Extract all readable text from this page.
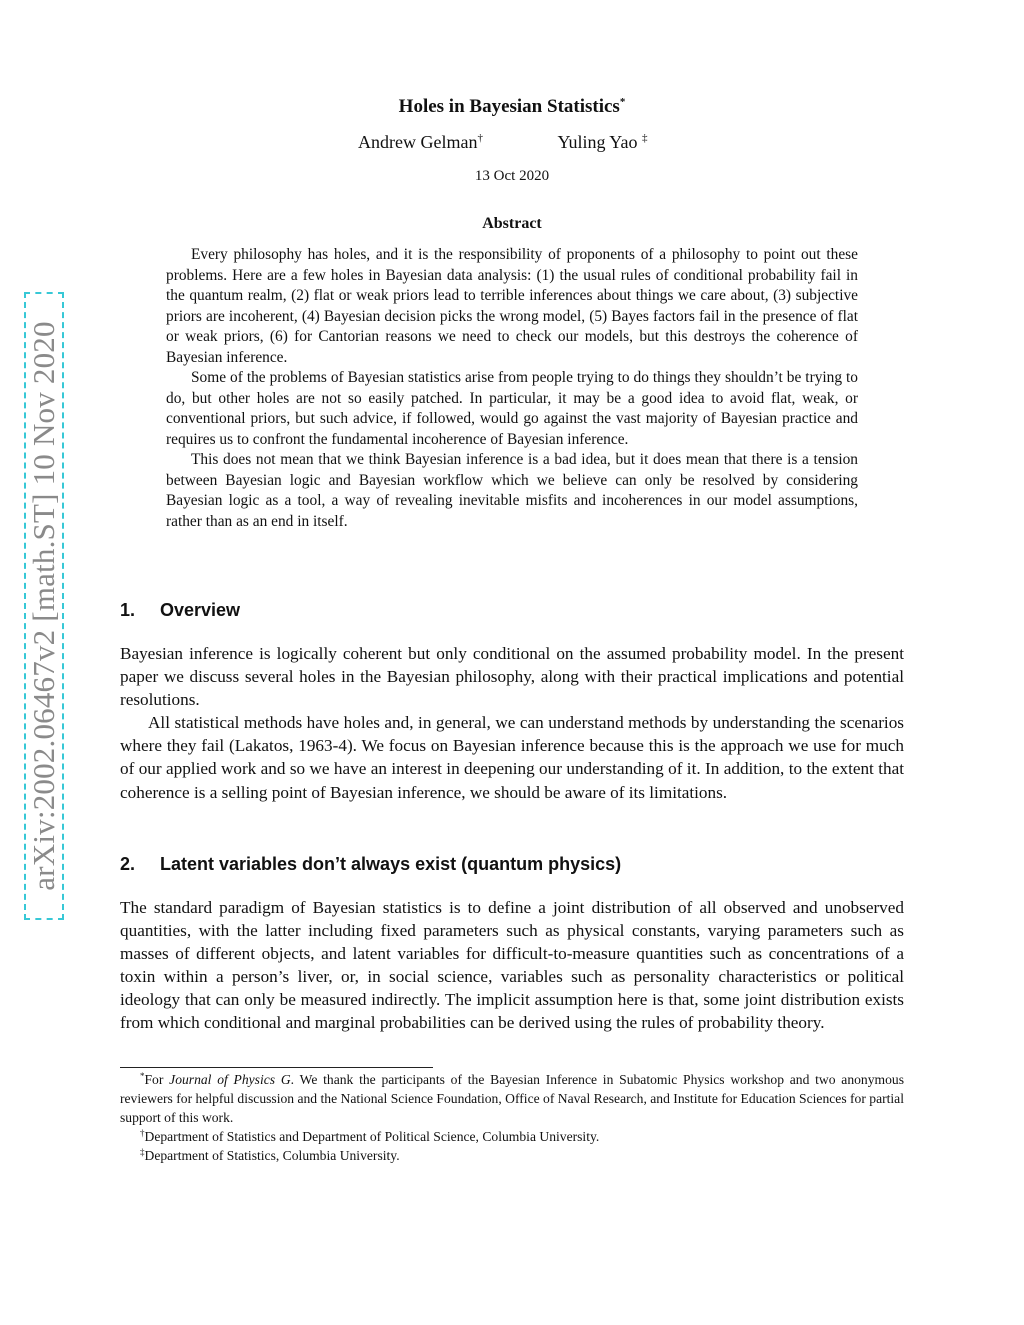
arXiv:2002.06467v2 [math.ST] 10 Nov 2020
Holes in Bayesian Statistics*
Andrew Gelman†	Yuling Yao ‡
13 Oct 2020
Abstract

Every philosophy has holes, and it is the responsibility of proponents of a philosophy to point out these problems. Here are a few holes in Bayesian data analysis: (1) the usual rules of conditional probability fail in the quantum realm, (2) flat or weak priors lead to terrible inferences about things we care about, (3) subjective priors are incoherent, (4) Bayesian decision picks the wrong model, (5) Bayes factors fail in the presence of flat or weak priors, (6) for Cantorian reasons we need to check our models, but this destroys the coherence of Bayesian inference.

Some of the problems of Bayesian statistics arise from people trying to do things they shouldn’t be trying to do, but other holes are not so easily patched. In particular, it may be a good idea to avoid flat, weak, or conventional priors, but such advice, if followed, would go against the vast majority of Bayesian practice and requires us to confront the fundamental incoherence of Bayesian inference.

This does not mean that we think Bayesian inference is a bad idea, but it does mean that there is a tension between Bayesian logic and Bayesian workflow which we believe can only be resolved by considering Bayesian logic as a tool, a way of revealing inevitable misfits and incoherences in our model assumptions, rather than as an end in itself.

1. Overview

Bayesian inference is logically coherent but only conditional on the assumed probability model. In the present paper we discuss several holes in the Bayesian philosophy, along with their practical implications and potential resolutions.

All statistical methods have holes and, in general, we can understand methods by understanding the scenarios where they fail (Lakatos, 1963-4). We focus on Bayesian inference because this is the approach we use for much of our applied work and so we have an interest in deepening our understanding of it. In addition, to the extent that coherence is a selling point of Bayesian inference, we should be aware of its limitations.

2. Latent variables don’t always exist (quantum physics)

The standard paradigm of Bayesian statistics is to define a joint distribution of all observed and unobserved quantities, with the latter including fixed parameters such as physical constants, varying parameters such as masses of different objects, and latent variables for difficult-to-measure quantities such as concentrations of a toxin within a person’s liver, or, in social science, variables such as personality characteristics or political ideology that can only be measured indirectly. The implicit assumption here is that, some joint distribution exists from which conditional and marginal probabilities can be derived using the rules of probability theory.

*For Journal of Physics G. We thank the participants of the Bayesian Inference in Subatomic Physics workshop and two anonymous reviewers for helpful discussion and the National Science Foundation, Office of Naval Research, and Institute for Education Sciences for partial support of this work.

†Department of Statistics and Department of Political Science, Columbia University.

‡Department of Statistics, Columbia University.
